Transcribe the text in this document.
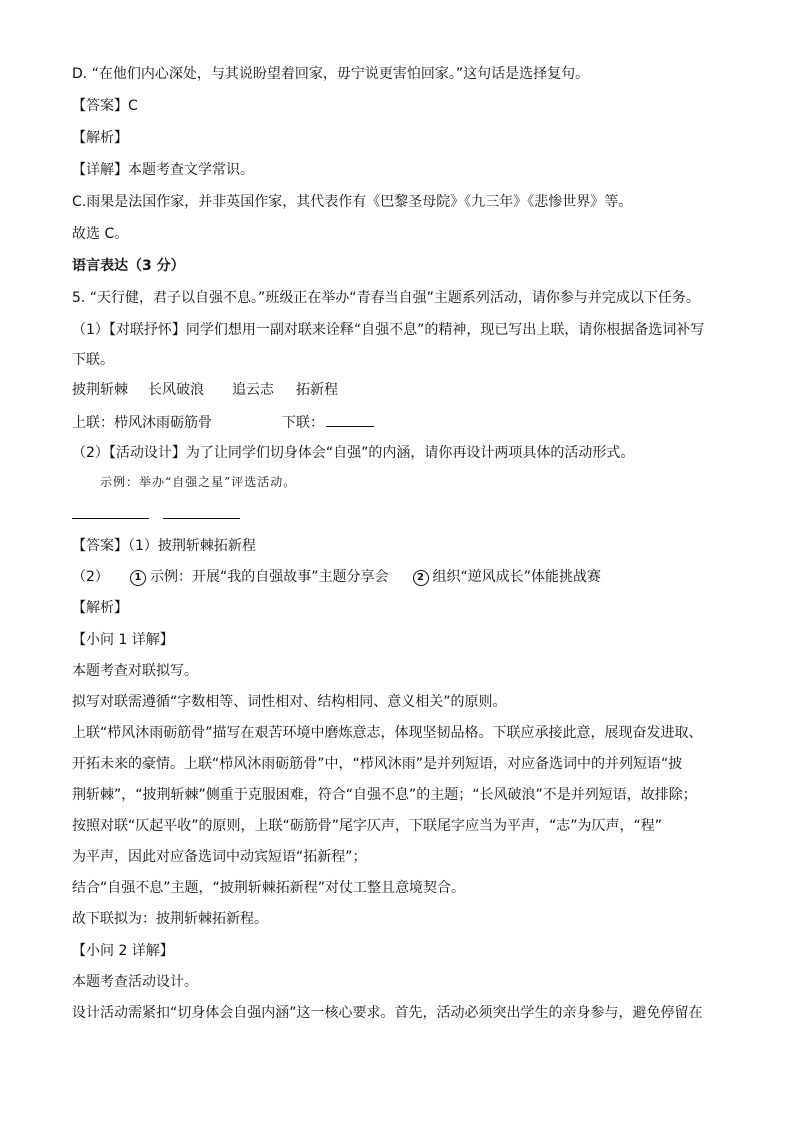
D. “在他们内心深处，与其说盼望着回家，毋宁说更害怕回家。”这句话是选择复句。
【答案】C
【解析】
【详解】本题考查文学常识。
C.雨果是法国作家，并非英国作家，其代表作有《巴黎圣母院》《九三年》《悲惨世界》等。
故选 C。
语言表达（3 分）
5. “天行健，君子以自强不息。”班级正在举办“青春当自强”主题系列活动，请你参与并完成以下任务。
（1）【对联抒怀】同学们想用一副对联来诠释“自强不息”的精神，现已写出上联，请你根据备选词补写
下联。
披荆斩棘 长风破浪 追云志 拓新程
上联：栉风沐雨砺筋骨	下联：
（2）【活动设计】为了让同学们切身体会“自强”的内涵，请你再设计两项具体的活动形式。
示例：举办“自强之星”评选活动。
【答案】（1）披荆斩棘拓新程
（2）	1 示例：开展“我的自强故事”主题分享会	2 组织“逆风成长”体能挑战赛
【解析】
【小问 1 详解】
本题考查对联拟写。
拟写对联需遵循“字数相等、词性相对、结构相同、意义相关”的原则。
上联“栉风沐雨砺筋骨”描写在艰苦环境中磨炼意志，体现坚韧品格。下联应承接此意，展现奋发进取、
开拓未来的豪情。上联“栉风沐雨砺筋骨”中，“栉风沐雨”是并列短语，对应备选词中的并列短语“披
荆斩棘”，“披荆斩棘”侧重于克服困难，符合“自强不息”的主题；“长风破浪”不是并列短语，故排除；
按照对联“仄起平收”的原则，上联“砺筋骨”尾字仄声，下联尾字应当为平声，“志”为仄声，“程”
为平声，因此对应备选词中动宾短语“拓新程”；
结合“自强不息”主题，“披荆斩棘拓新程”对仗工整且意境契合。
故下联拟为：披荆斩棘拓新程。
【小问 2 详解】
本题考查活动设计。
设计活动需紧扣“切身体会自强内涵”这一核心要求。首先，活动必须突出学生的亲身参与，避免停留在
